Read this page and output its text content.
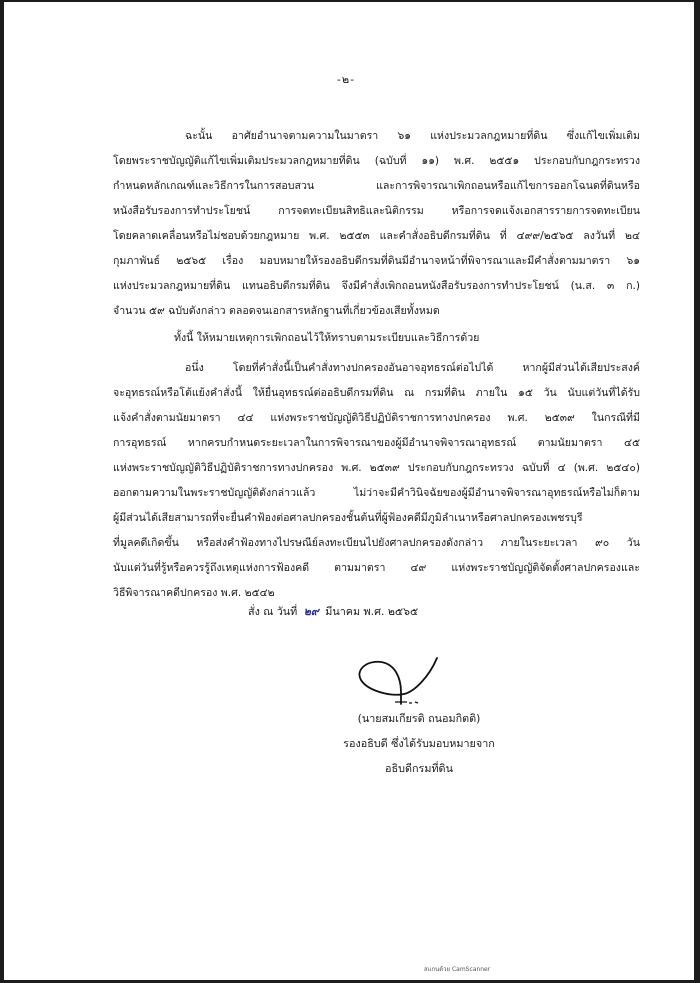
-๒-
ฉะนั้น อาศัยอำนาจตามความในมาตรา ๖๑ แห่งประมวลกฎหมายที่ดิน ซึ่งแก้ไขเพิ่มเติม
โดยพระราชบัญญัติแก้ไขเพิ่มเติมประมวลกฎหมายที่ดิน (ฉบับที่ ๑๑) พ.ศ. ๒๕๕๑ ประกอบกับกฎกระทรวง
กำหนดหลักเกณฑ์และวิธีการในการสอบสวน และการพิจารณาเพิกถอนหรือแก้ไขการออกโฉนดที่ดินหรือ
หนังสือรับรองการทำประโยชน์ การจดทะเบียนสิทธิและนิติกรรม หรือการจดแจ้งเอกสารรายการจดทะเบียน
โดยคลาดเคลื่อนหรือไม่ชอบด้วยกฎหมาย พ.ศ. ๒๕๕๓ และคำสั่งอธิบดีกรมที่ดิน ที่ ๔๙๙/๒๕๖๕ ลงวันที่ ๒๔
กุมภาพันธ์ ๒๕๖๕ เรื่อง มอบหมายให้รองอธิบดีกรมที่ดินมีอำนาจหน้าที่พิจารณาและมีคำสั่งตามมาตรา ๖๑
แห่งประมวลกฎหมายที่ดิน แทนอธิบดีกรมที่ดิน จึงมีคำสั่งเพิกถอนหนังสือรับรองการทำประโยชน์ (น.ส. ๓ ก.)
จำนวน ๕๙ ฉบับดังกล่าว ตลอดจนเอกสารหลักฐานที่เกี่ยวข้องเสียทั้งหมด
ทั้งนี้ ให้หมายเหตุการเพิกถอนไว้ให้ทราบตามระเบียบและวิธีการด้วย
อนึ่ง โดยที่คำสั่งนี้เป็นคำสั่งทางปกครองอันอาจอุทธรณ์ต่อไปได้ หากผู้มีส่วนได้เสียประสงค์
จะอุทธรณ์หรือโต้แย้งคำสั่งนี้ ให้ยื่นอุทธรณ์ต่ออธิบดีกรมที่ดิน ณ กรมที่ดิน ภายใน ๑๕ วัน นับแต่วันที่ได้รับ
แจ้งคำสั่งตามนัยมาตรา ๔๔ แห่งพระราชบัญญัติวิธีปฏิบัติราชการทางปกครอง พ.ศ. ๒๕๓๙ ในกรณีที่มี
การอุทธรณ์ หากครบกำหนดระยะเวลาในการพิจารณาของผู้มีอำนาจพิจารณาอุทธรณ์ ตามนัยมาตรา ๔๕
แห่งพระราชบัญญัติวิธีปฏิบัติราชการทางปกครอง พ.ศ. ๒๕๓๙ ประกอบกับกฎกระทรวง ฉบับที่ ๔ (พ.ศ. ๒๕๔๐)
ออกตามความในพระราชบัญญัติดังกล่าวแล้ว ไม่ว่าจะมีคำวินิจฉัยของผู้มีอำนาจพิจารณาอุทธรณ์หรือไม่ก็ตาม
ผู้มีส่วนได้เสียสามารถที่จะยื่นคำฟ้องต่อศาลปกครองชั้นต้นที่ผู้ฟ้องคดีมีภูมิลำเนาหรือศาลปกครองเพชรบุรี
ที่มูลคดีเกิดขึ้น หรือส่งคำฟ้องทางไปรษณีย์ลงทะเบียนไปยังศาลปกครองดังกล่าว ภายในระยะเวลา ๙๐ วัน
นับแต่วันที่รู้หรือควรรู้ถึงเหตุแห่งการฟ้องคดี ตามมาตรา ๔๙ แห่งพระราชบัญญัติจัดตั้งศาลปกครองและ
วิธีพิจารณาคดีปกครอง พ.ศ. ๒๕๔๒
สั่ง ณ วันที่ ๒๙ มีนาคม พ.ศ. ๒๕๖๕
(นายสมเกียรติ ถนอมกิตติ)
รองอธิบดี ซึ่งได้รับมอบหมายจาก
อธิบดีกรมที่ดิน
สแกนด้วย CamScanner
